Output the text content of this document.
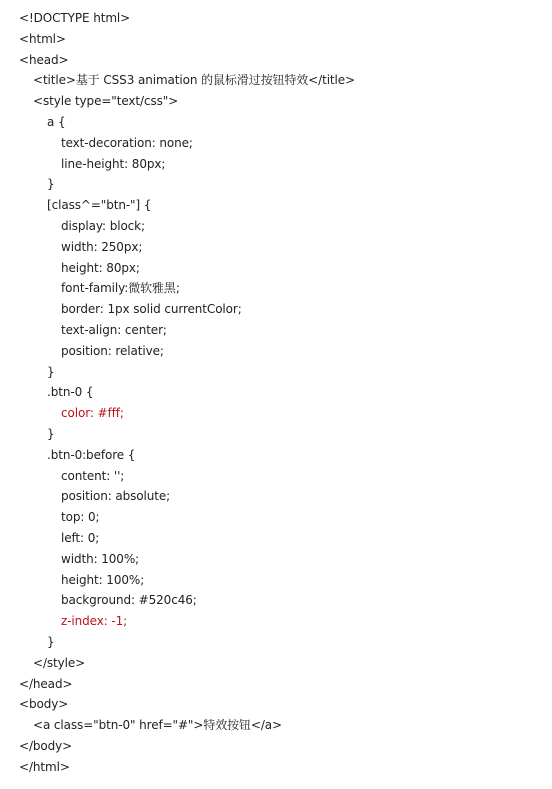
<!DOCTYPE html>
<html>
<head>
<title>基于 CSS3 animation 的鼠标滑过按钮特效</title>
<style type="text/css">
a {
text-decoration: none;
line-height: 80px;
}
[class^="btn-"] {
display: block;
width: 250px;
height: 80px;
font-family:微软雅黑;
border: 1px solid currentColor;
text-align: center;
position: relative;
}
.btn-0 {
color: #fff;
}
.btn-0:before {
content: '';
position: absolute;
top: 0;
left: 0;
width: 100%;
height: 100%;
background: #520c46;
z-index: -1;
}
</style>
</head>
<body>
<a class="btn-0" href="#">特效按钮</a>
</body>
</html>
